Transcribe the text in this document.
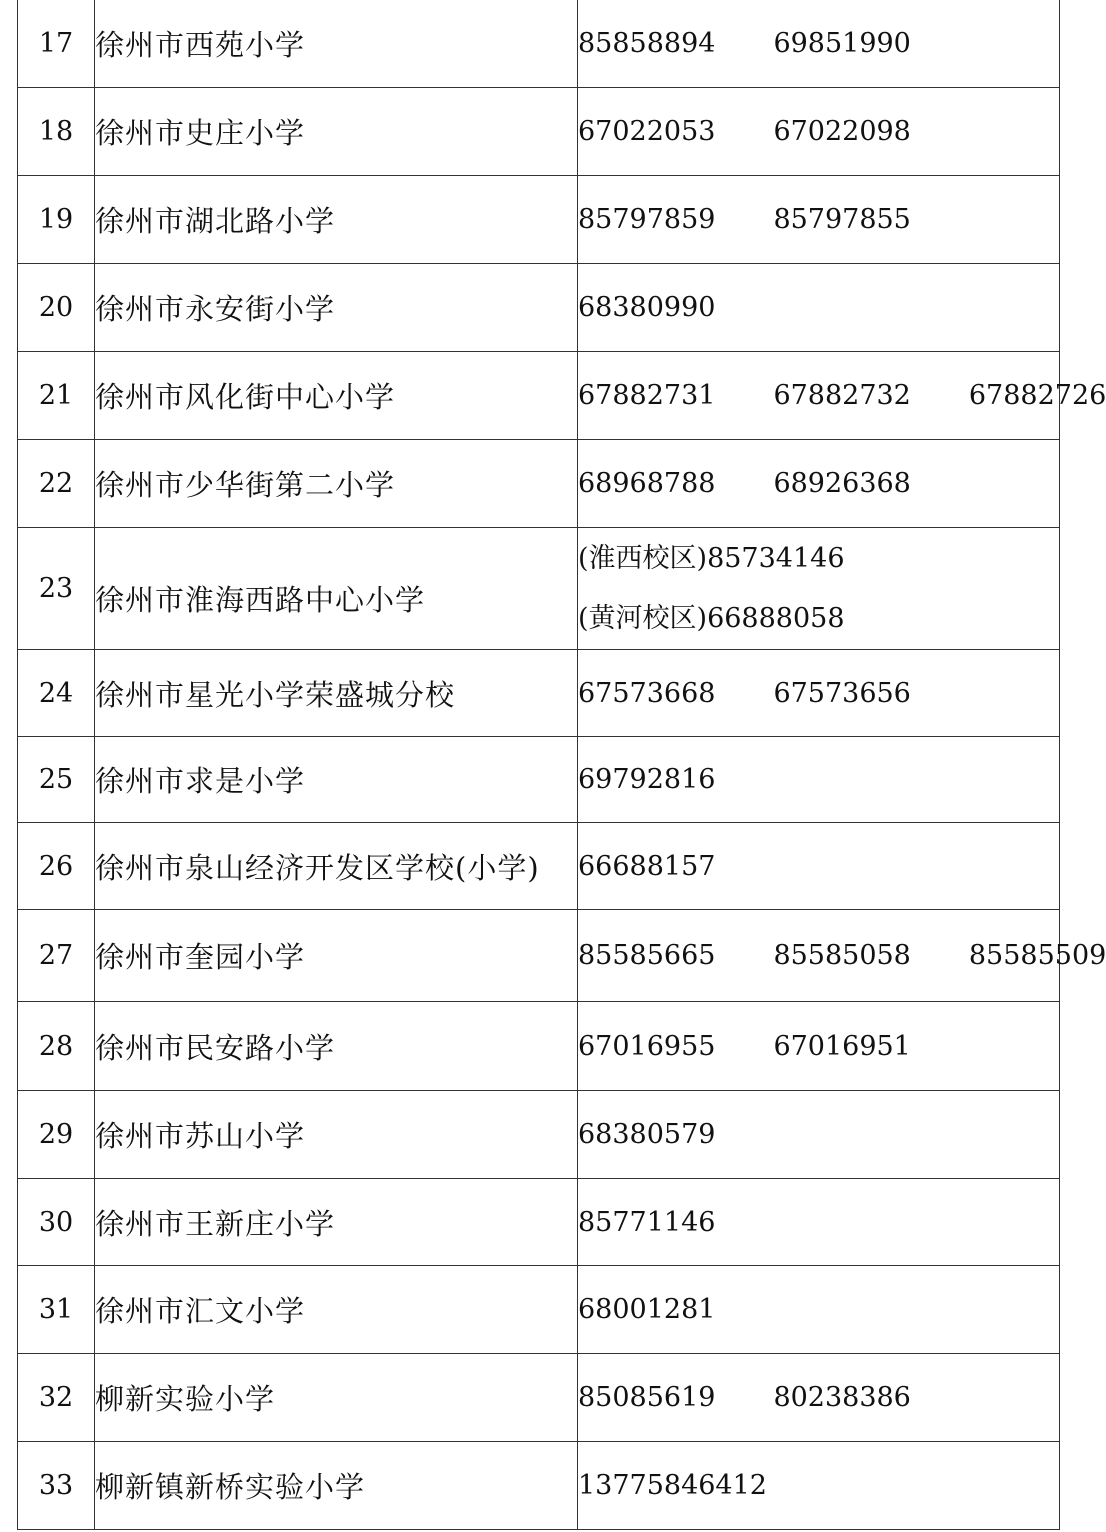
17	徐州市西苑小学	85858894 69851990
18	徐州市史庄小学	67022053 67022098
19	徐州市湖北路小学	85797859 85797855
20	徐州市永安街小学	68380990
21	徐州市风化街中心小学	67882731 67882732 67882726
22	徐州市少华街第二小学	68968788 68926368
23	徐州市淮海西路中心小学	(淮西校区)85734146
(黄河校区)66888058

24	徐州市星光小学荣盛城分校	67573668 67573656
25	徐州市求是小学	69792816
26	徐州市泉山经济开发区学校(小学)	66688157
27	徐州市奎园小学	85585665 85585058 85585509
28	徐州市民安路小学	67016955 67016951
29	徐州市苏山小学	68380579
30	徐州市王新庄小学	85771146
31	徐州市汇文小学	68001281
32	柳新实验小学	85085619 80238386
33	柳新镇新桥实验小学	13775846412
